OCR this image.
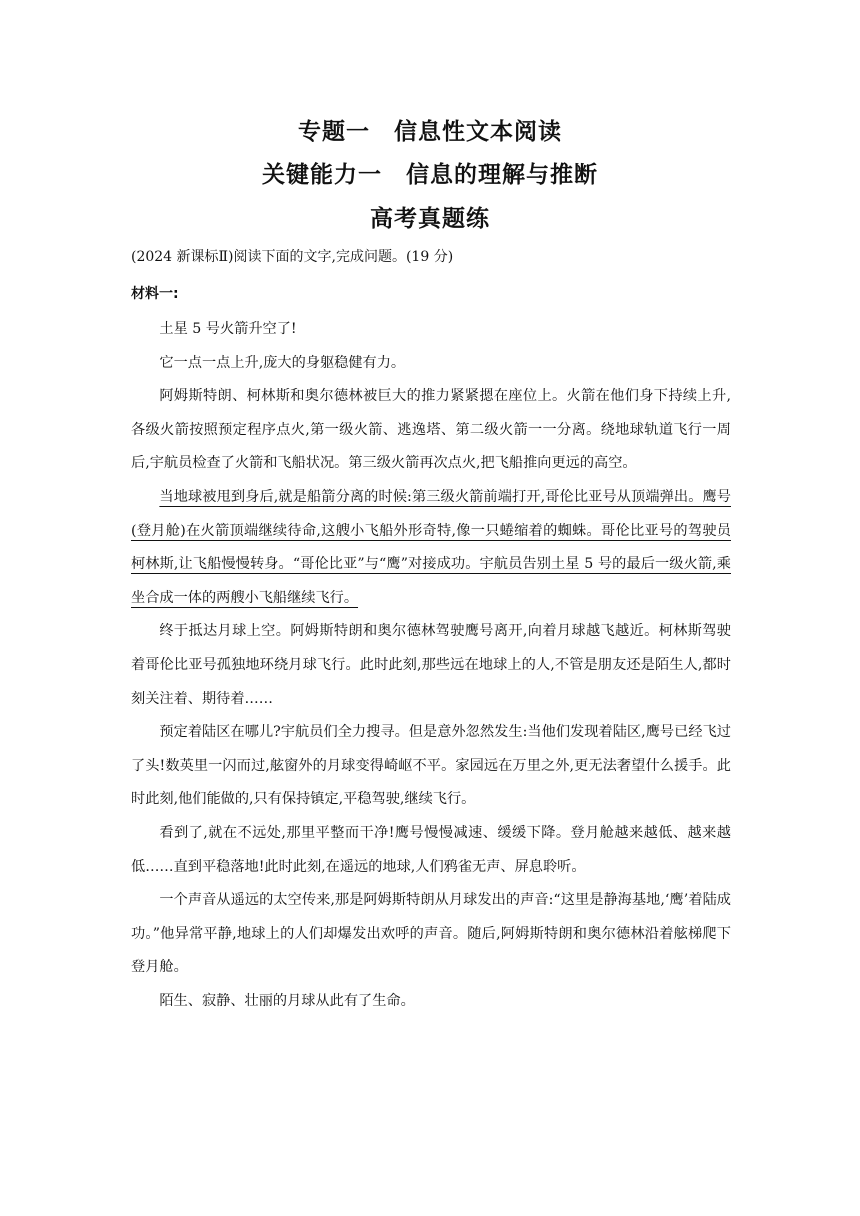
专题一　信息性文本阅读
关键能力一　信息的理解与推断
高考真题练
(2024 新课标Ⅱ)阅读下面的文字,完成问题。(19 分)
材料一:

土星 5 号火箭升空了!

它一点一点上升,庞大的身躯稳健有力。

阿姆斯特朗、柯林斯和奥尔德林被巨大的推力紧紧摁在座位上。火箭在他们身下持续上升,各级火箭按照预定程序点火,第一级火箭、逃逸塔、第二级火箭一一分离。绕地球轨道飞行一周后,宇航员检查了火箭和飞船状况。第三级火箭再次点火,把飞船推向更远的高空。

当地球被甩到身后,就是船箭分离的时候:第三级火箭前端打开,哥伦比亚号从顶端弹出。鹰号(登月舱)在火箭顶端继续待命,这艘小飞船外形奇特,像一只蜷缩着的蜘蛛。哥伦比亚号的驾驶员柯林斯,让飞船慢慢转身。“哥伦比亚”与“鹰”对接成功。宇航员告别土星 5 号的最后一级火箭,乘坐合成一体的两艘小飞船继续飞行。

终于抵达月球上空。阿姆斯特朗和奥尔德林驾驶鹰号离开,向着月球越飞越近。柯林斯驾驶着哥伦比亚号孤独地环绕月球飞行。此时此刻,那些远在地球上的人,不管是朋友还是陌生人,都时刻关注着、期待着……

预定着陆区在哪儿?宇航员们全力搜寻。但是意外忽然发生:当他们发现着陆区,鹰号已经飞过了头!数英里一闪而过,舷窗外的月球变得崎岖不平。家园远在万里之外,更无法奢望什么援手。此时此刻,他们能做的,只有保持镇定,平稳驾驶,继续飞行。

看到了,就在不远处,那里平整而干净!鹰号慢慢减速、缓缓下降。登月舱越来越低、越来越低……直到平稳落地!此时此刻,在遥远的地球,人们鸦雀无声、屏息聆听。

一个声音从遥远的太空传来,那是阿姆斯特朗从月球发出的声音:“这里是静海基地,‘鹰’着陆成功。”他异常平静,地球上的人们却爆发出欢呼的声音。随后,阿姆斯特朗和奥尔德林沿着舷梯爬下登月舱。

陌生、寂静、壮丽的月球从此有了生命。
